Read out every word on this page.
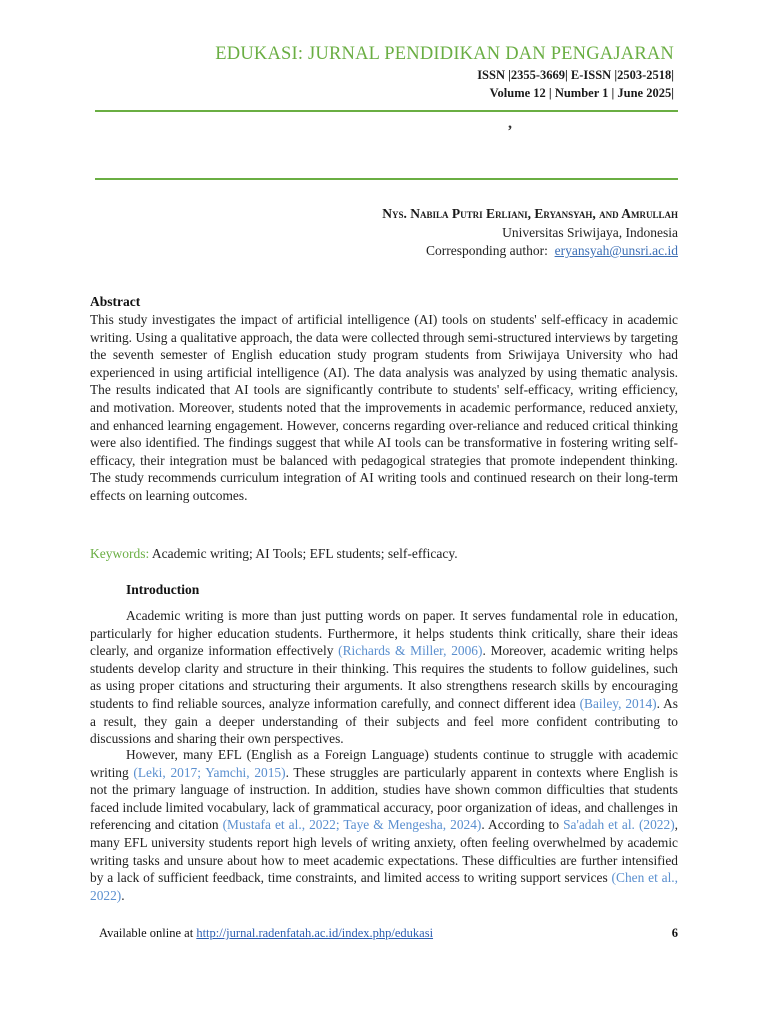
EDUKASI: JURNAL PENDIDIKAN DAN PENGAJARAN
ISSN |2355-3669| E-ISSN |2503-2518|
Volume 12 | Number 1 | June 2025|
,
Nys. Nabila Putri Erliani, Eryansyah, and Amrullah
Universitas Sriwijaya, Indonesia
Corresponding author: eryansyah@unsri.ac.id
Abstract
This study investigates the impact of artificial intelligence (AI) tools on students' self-efficacy in academic writing. Using a qualitative approach, the data were collected through semi-structured interviews by targeting the seventh semester of English education study program students from Sriwijaya University who had experienced in using artificial intelligence (AI). The data analysis was analyzed by using thematic analysis. The results indicated that AI tools are significantly contribute to students' self-efficacy, writing efficiency, and motivation. Moreover, students noted that the improvements in academic performance, reduced anxiety, and enhanced learning engagement. However, concerns regarding over-reliance and reduced critical thinking were also identified. The findings suggest that while AI tools can be transformative in fostering writing self-efficacy, their integration must be balanced with pedagogical strategies that promote independent thinking. The study recommends curriculum integration of AI writing tools and continued research on their long-term effects on learning outcomes.
Keywords: Academic writing; AI Tools; EFL students; self-efficacy.
Introduction
Academic writing is more than just putting words on paper. It serves fundamental role in education, particularly for higher education students. Furthermore, it helps students think critically, share their ideas clearly, and organize information effectively (Richards & Miller, 2006). Moreover, academic writing helps students develop clarity and structure in their thinking. This requires the students to follow guidelines, such as using proper citations and structuring their arguments. It also strengthens research skills by encouraging students to find reliable sources, analyze information carefully, and connect different idea (Bailey, 2014). As a result, they gain a deeper understanding of their subjects and feel more confident contributing to discussions and sharing their own perspectives.
However, many EFL (English as a Foreign Language) students continue to struggle with academic writing (Leki, 2017; Yamchi, 2015). These struggles are particularly apparent in contexts where English is not the primary language of instruction. In addition, studies have shown common difficulties that students faced include limited vocabulary, lack of grammatical accuracy, poor organization of ideas, and challenges in referencing and citation (Mustafa et al., 2022; Taye & Mengesha, 2024). According to Sa'adah et al. (2022), many EFL university students report high levels of writing anxiety, often feeling overwhelmed by academic writing tasks and unsure about how to meet academic expectations. These difficulties are further intensified by a lack of sufficient feedback, time constraints, and limited access to writing support services (Chen et al., 2022).
Available online at http://jurnal.radenfatah.ac.id/index.php/edukasi	6
